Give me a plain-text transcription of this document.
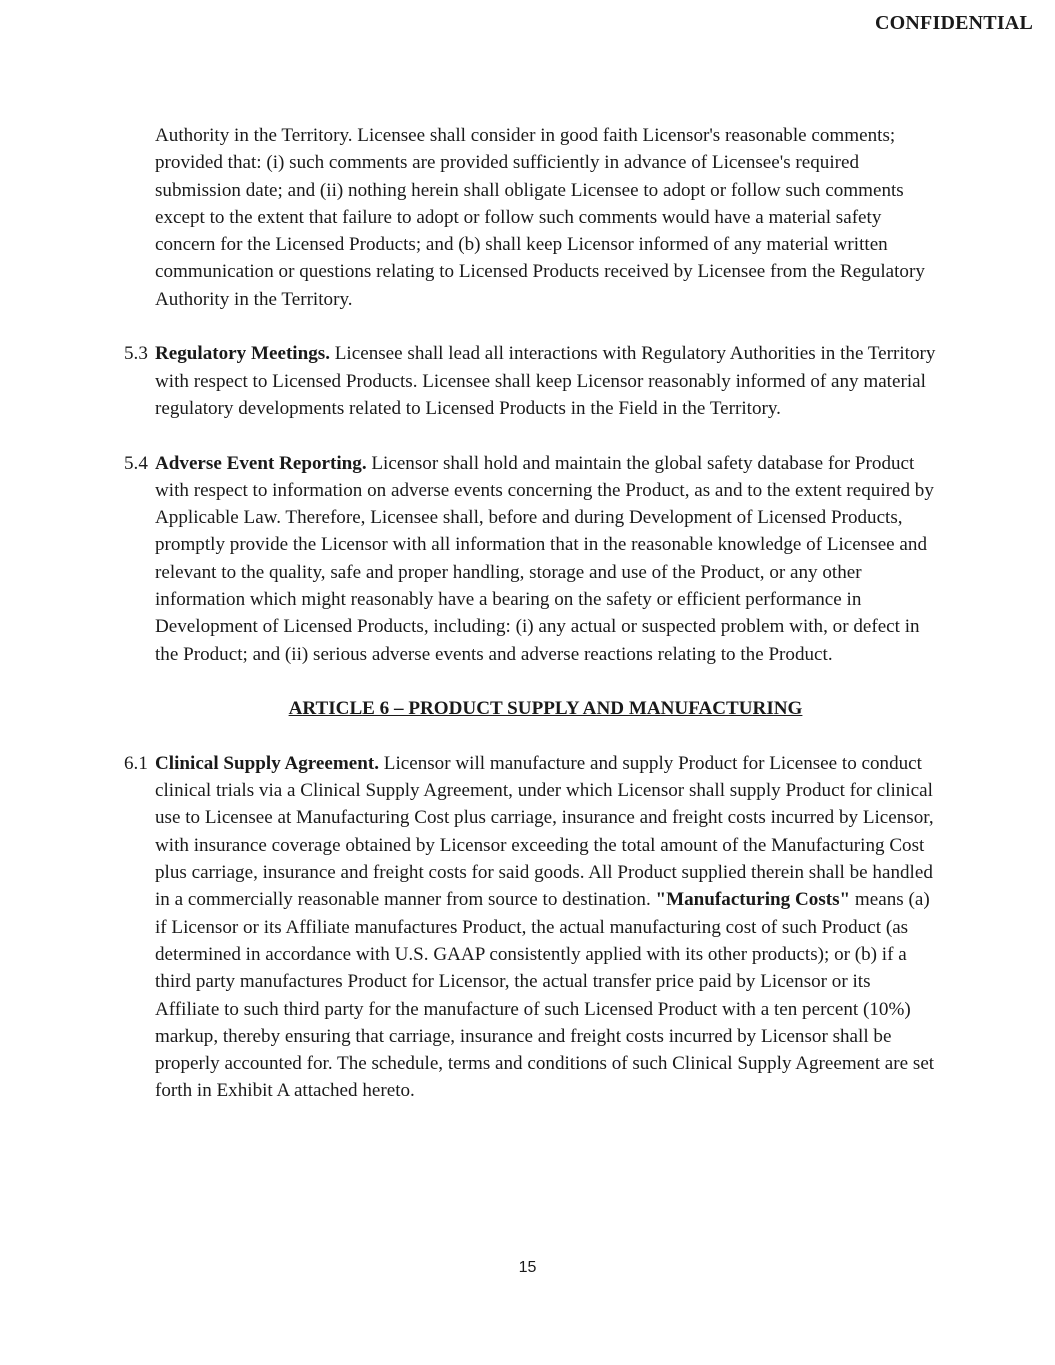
CONFIDENTIAL

Authority in the Territory. Licensee shall consider in good faith Licensor's reasonable comments; provided that: (i) such comments are provided sufficiently in advance of Licensee's required submission date; and (ii) nothing herein shall obligate Licensee to adopt or follow such comments except to the extent that failure to adopt or follow such comments would have a material safety concern for the Licensed Products; and (b) shall keep Licensor informed of any material written communication or questions relating to Licensed Products received by Licensee from the Regulatory Authority in the Territory.

5.3 Regulatory Meetings. Licensee shall lead all interactions with Regulatory Authorities in the Territory with respect to Licensed Products. Licensee shall keep Licensor reasonably informed of any material regulatory developments related to Licensed Products in the Field in the Territory.
5.4 Adverse Event Reporting. Licensor shall hold and maintain the global safety database for Product with respect to information on adverse events concerning the Product, as and to the extent required by Applicable Law. Therefore, Licensee shall, before and during Development of Licensed Products, promptly provide the Licensor with all information that in the reasonable knowledge of Licensee and relevant to the quality, safe and proper handling, storage and use of the Product, or any other information which might reasonably have a bearing on the safety or efficient performance in Development of Licensed Products, including: (i) any actual or suspected problem with, or defect in the Product; and (ii) serious adverse events and adverse reactions relating to the Product.

ARTICLE 6 – PRODUCT SUPPLY AND MANUFACTURING

6.1 Clinical Supply Agreement. Licensor will manufacture and supply Product for Licensee to conduct clinical trials via a Clinical Supply Agreement, under which Licensor shall supply Product for clinical use to Licensee at Manufacturing Cost plus carriage, insurance and freight costs incurred by Licensor, with insurance coverage obtained by Licensor exceeding the total amount of the Manufacturing Cost plus carriage, insurance and freight costs for said goods. All Product supplied therein shall be handled in a commercially reasonable manner from source to destination. "Manufacturing Costs" means (a) if Licensor or its Affiliate manufactures Product, the actual manufacturing cost of such Product (as determined in accordance with U.S. GAAP consistently applied with its other products); or (b) if a third party manufactures Product for Licensor, the actual transfer price paid by Licensor or its Affiliate to such third party for the manufacture of such Licensed Product with a ten percent (10%) markup, thereby ensuring that carriage, insurance and freight costs incurred by Licensor shall be properly accounted for. The schedule, terms and conditions of such Clinical Supply Agreement are set forth in Exhibit A attached hereto.
15
